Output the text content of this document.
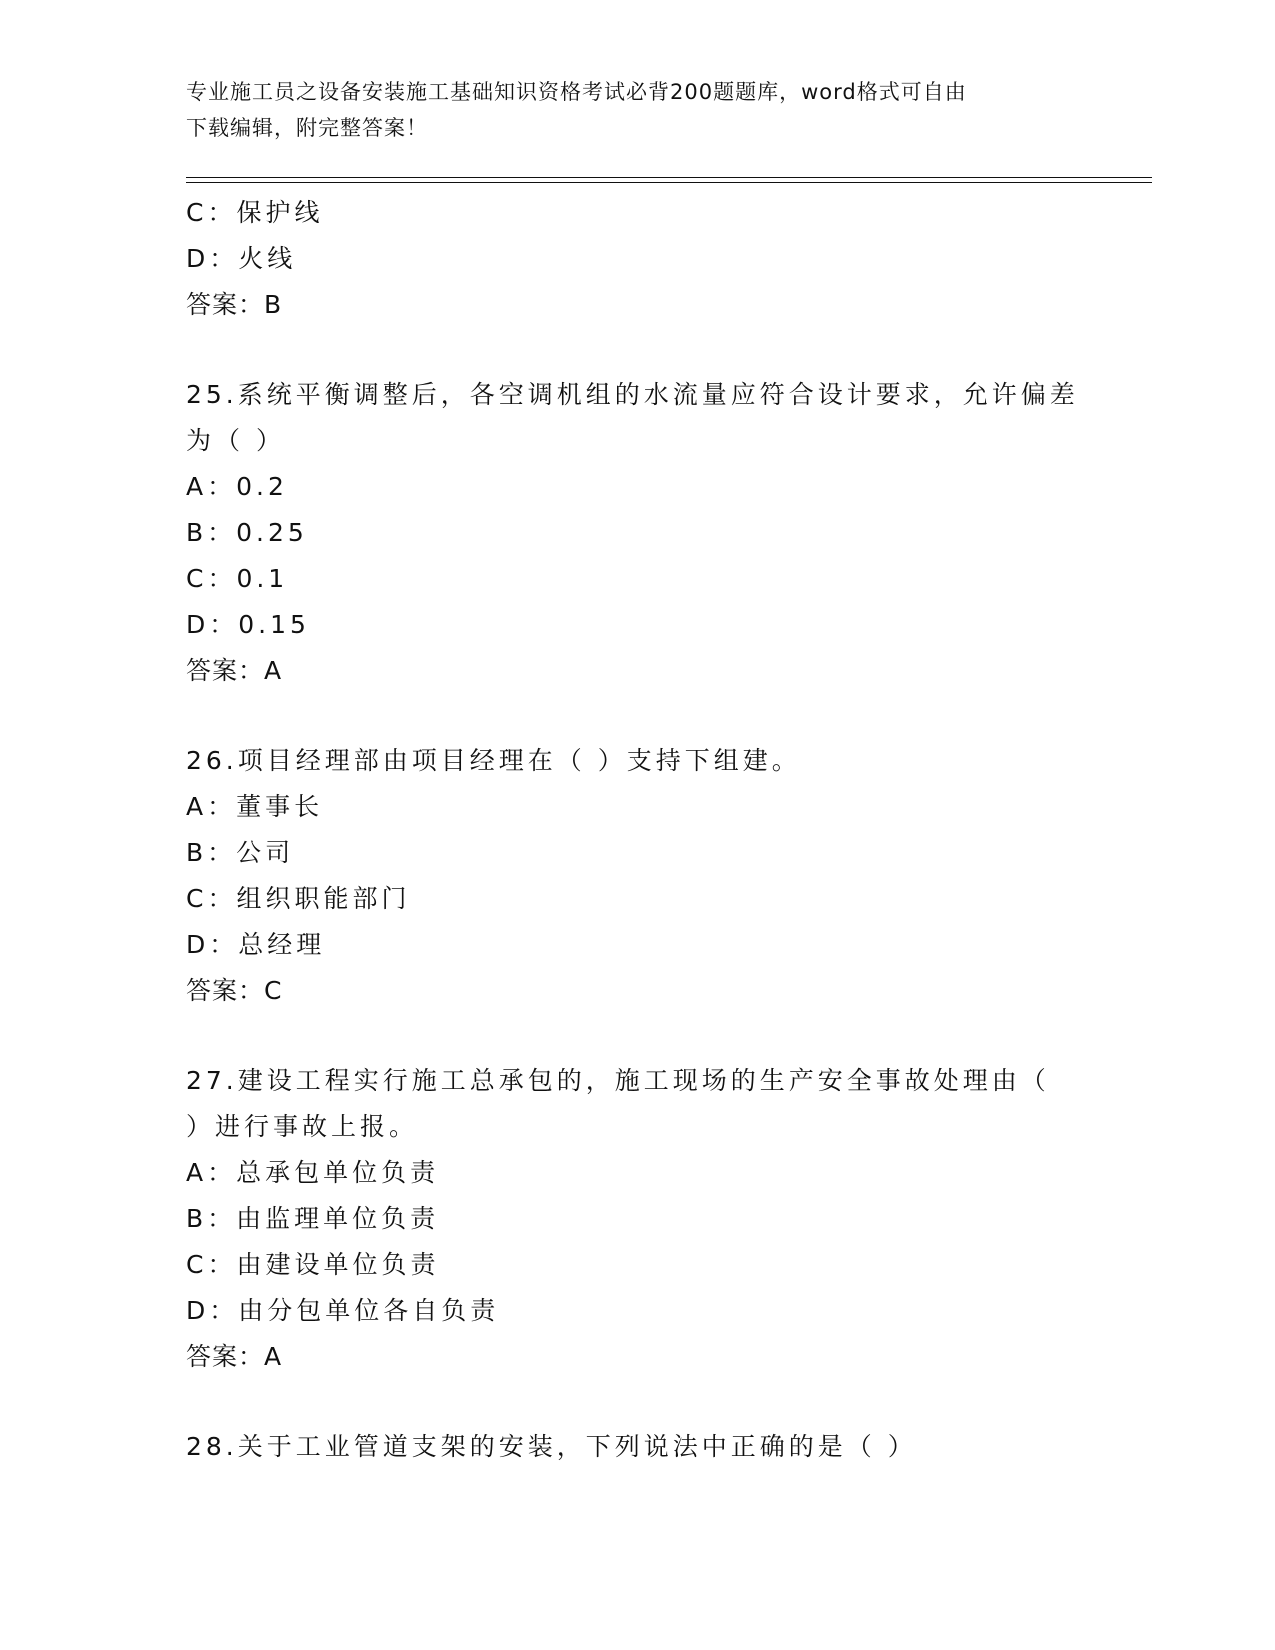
专业施工员之设备安装施工基础知识资格考试必背200题题库，word格式可自由
下载编辑，附完整答案！
C：保护线
D：火线
答案：B
25.系统平衡调整后，各空调机组的水流量应符合设计要求，允许偏差
为（ ）
A：0.2
B：0.25
C：0.1
D：0.15
答案：A
26.项目经理部由项目经理在（ ）支持下组建。
A：董事长
B：公司
C：组织职能部门
D：总经理
答案：C
27.建设工程实行施工总承包的，施工现场的生产安全事故处理由（
）进行事故上报。
A：总承包单位负责
B：由监理单位负责
C：由建设单位负责
D：由分包单位各自负责
答案：A
28.关于工业管道支架的安装，下列说法中正确的是（ ）
